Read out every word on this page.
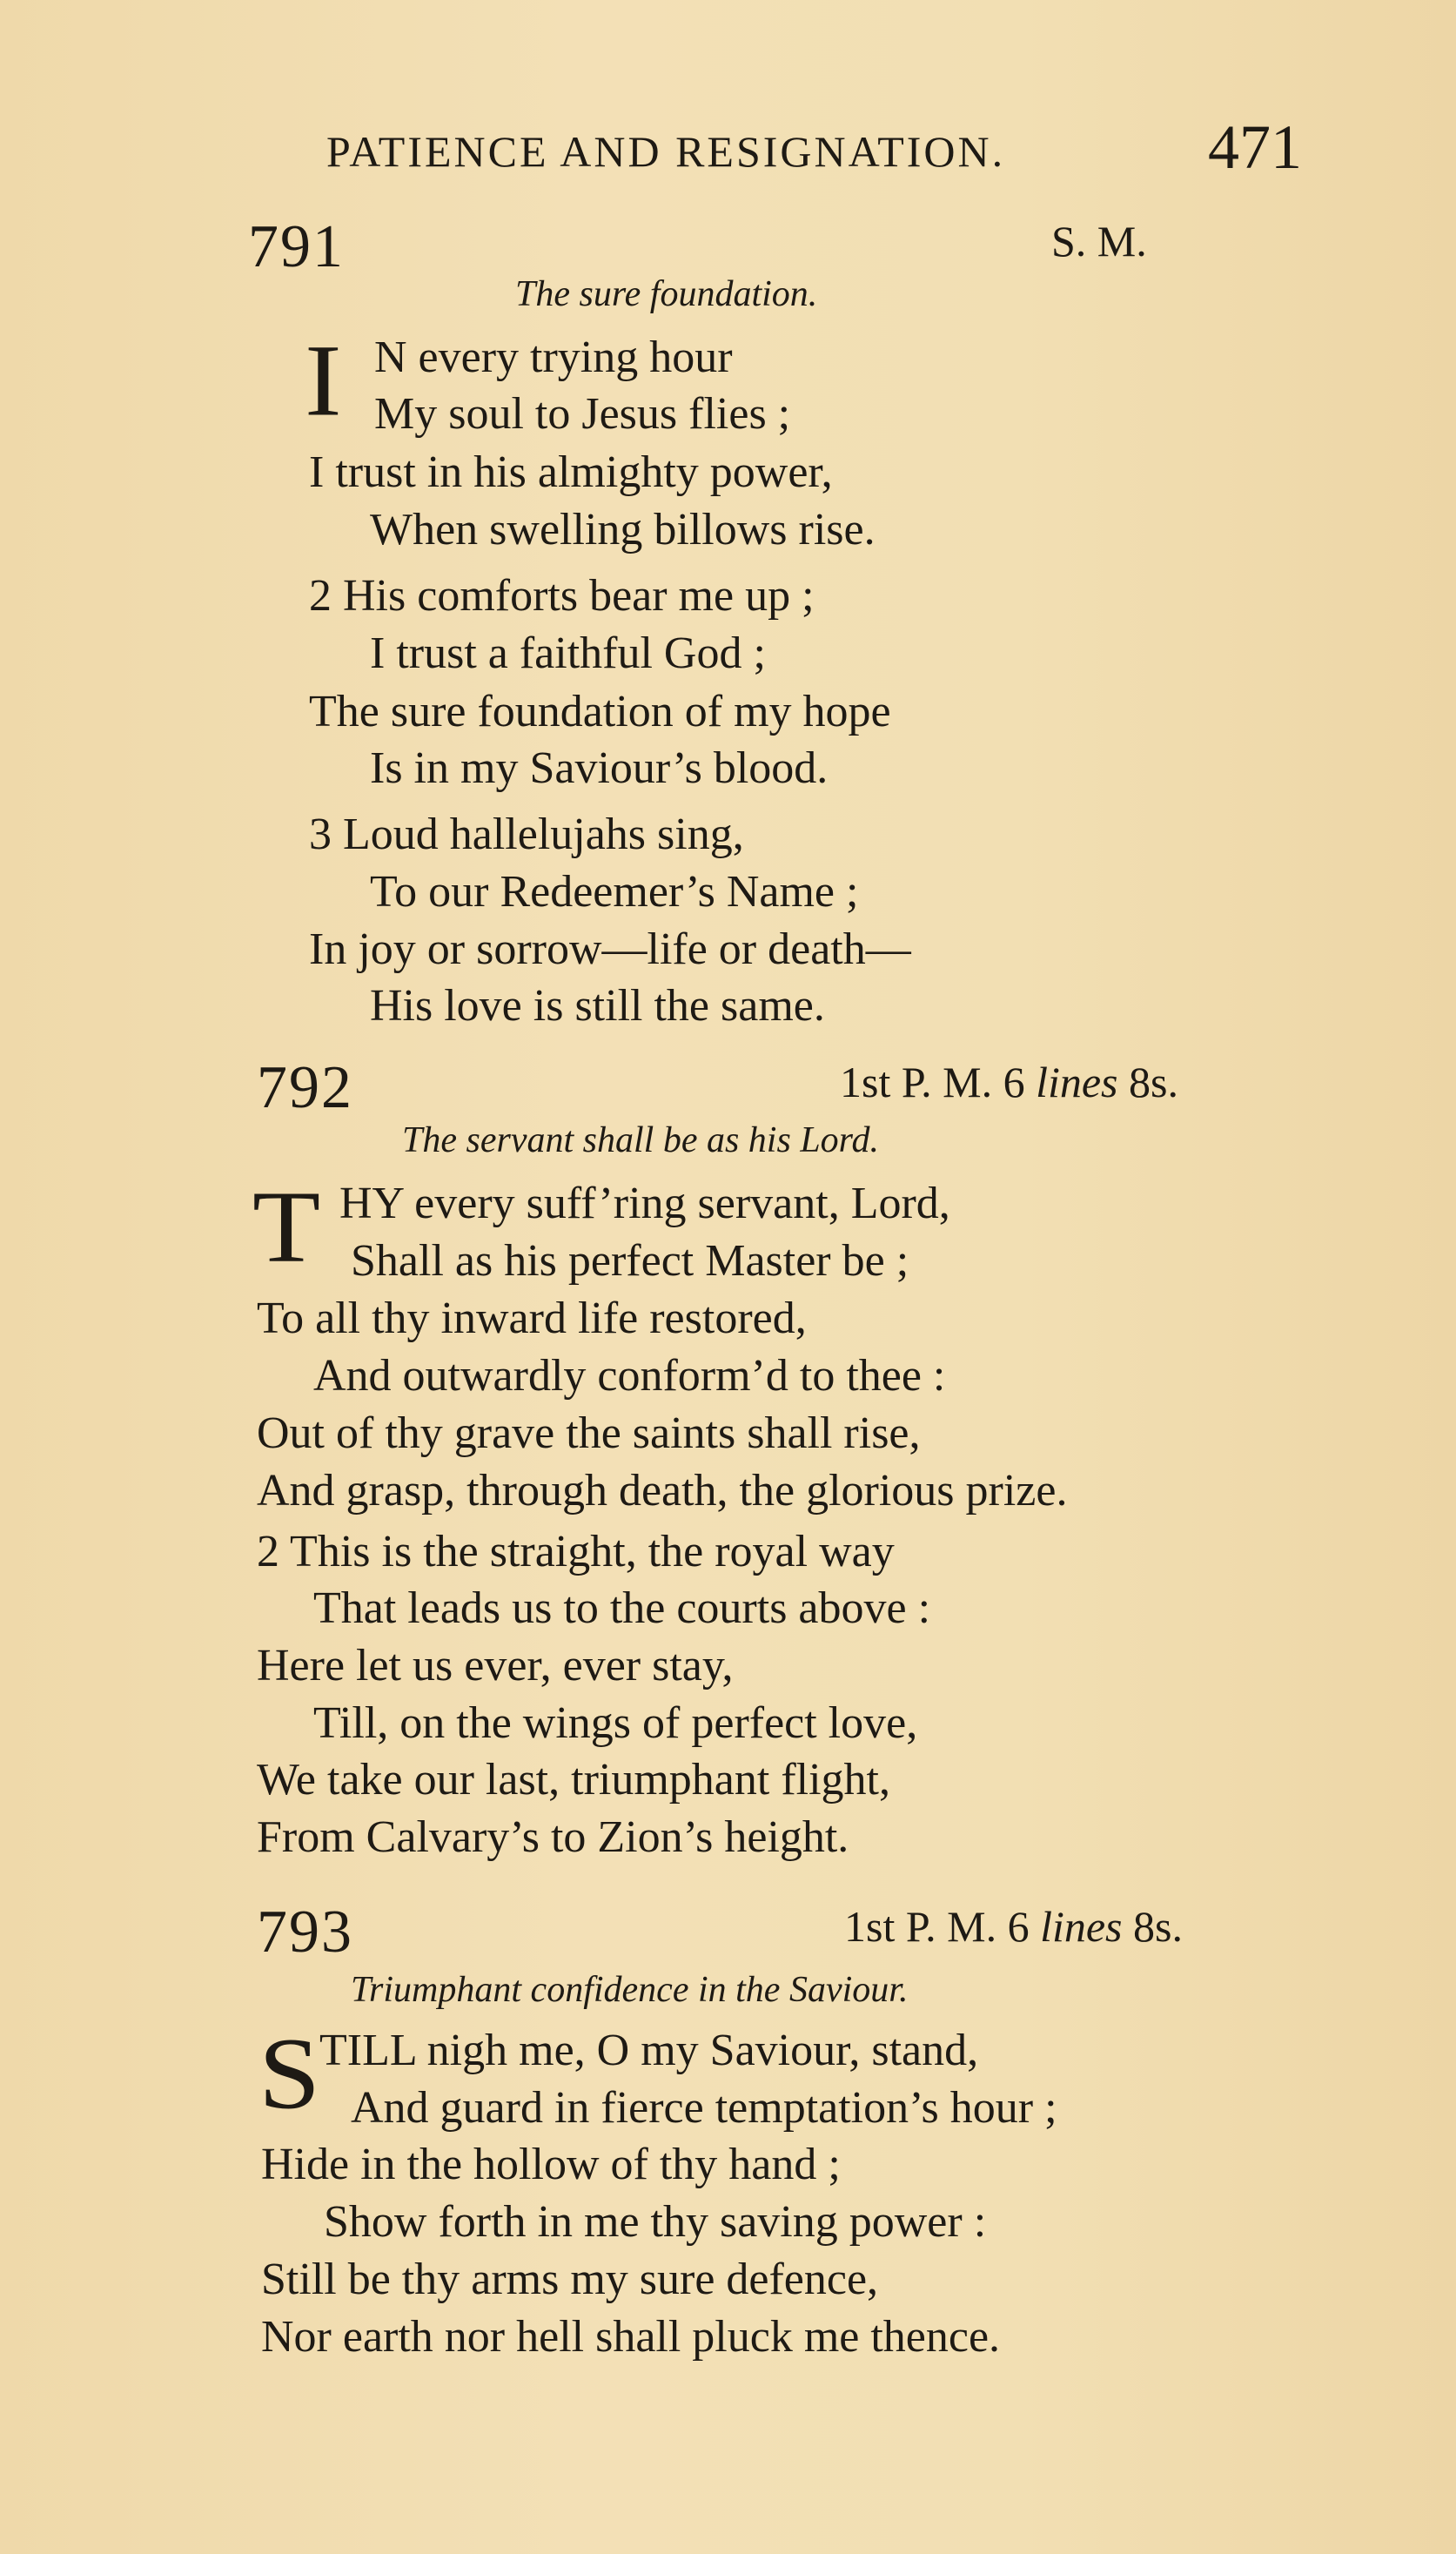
PATIENCE AND RESIGNATION.	471
791	S. M.
The sure foundation.
I N every trying hour
My soul to Jesus flies ;
I trust in his almighty power,
When swelling billows rise.
2 His comforts bear me up ;
I trust a faithful God ;
The sure foundation of my hope
Is in my Saviour’s blood.
3 Loud hallelujahs sing,
To our Redeemer’s Name ;
In joy or sorrow—life or death—
His love is still the same.
792	1st P. M. 6 lines 8s.
The servant shall be as his Lord.
T HY every suff’ring servant, Lord,
Shall as his perfect Master be ;
To all thy inward life restored,
And outwardly conform’d to thee :
Out of thy grave the saints shall rise,
And grasp, through death, the glorious prize.
2 This is the straight, the royal way
That leads us to the courts above :
Here let us ever, ever stay,
Till, on the wings of perfect love,
We take our last, triumphant flight,
From Calvary’s to Zion’s height.
793	1st P. M. 6 lines 8s.
Triumphant confidence in the Saviour.
S
TILL nigh me, O my Saviour, stand,
And guard in fierce temptation’s hour ;
Hide in the hollow of thy hand ;
Show forth in me thy saving power :
Still be thy arms my sure defence,
Nor earth nor hell shall pluck me thence.
